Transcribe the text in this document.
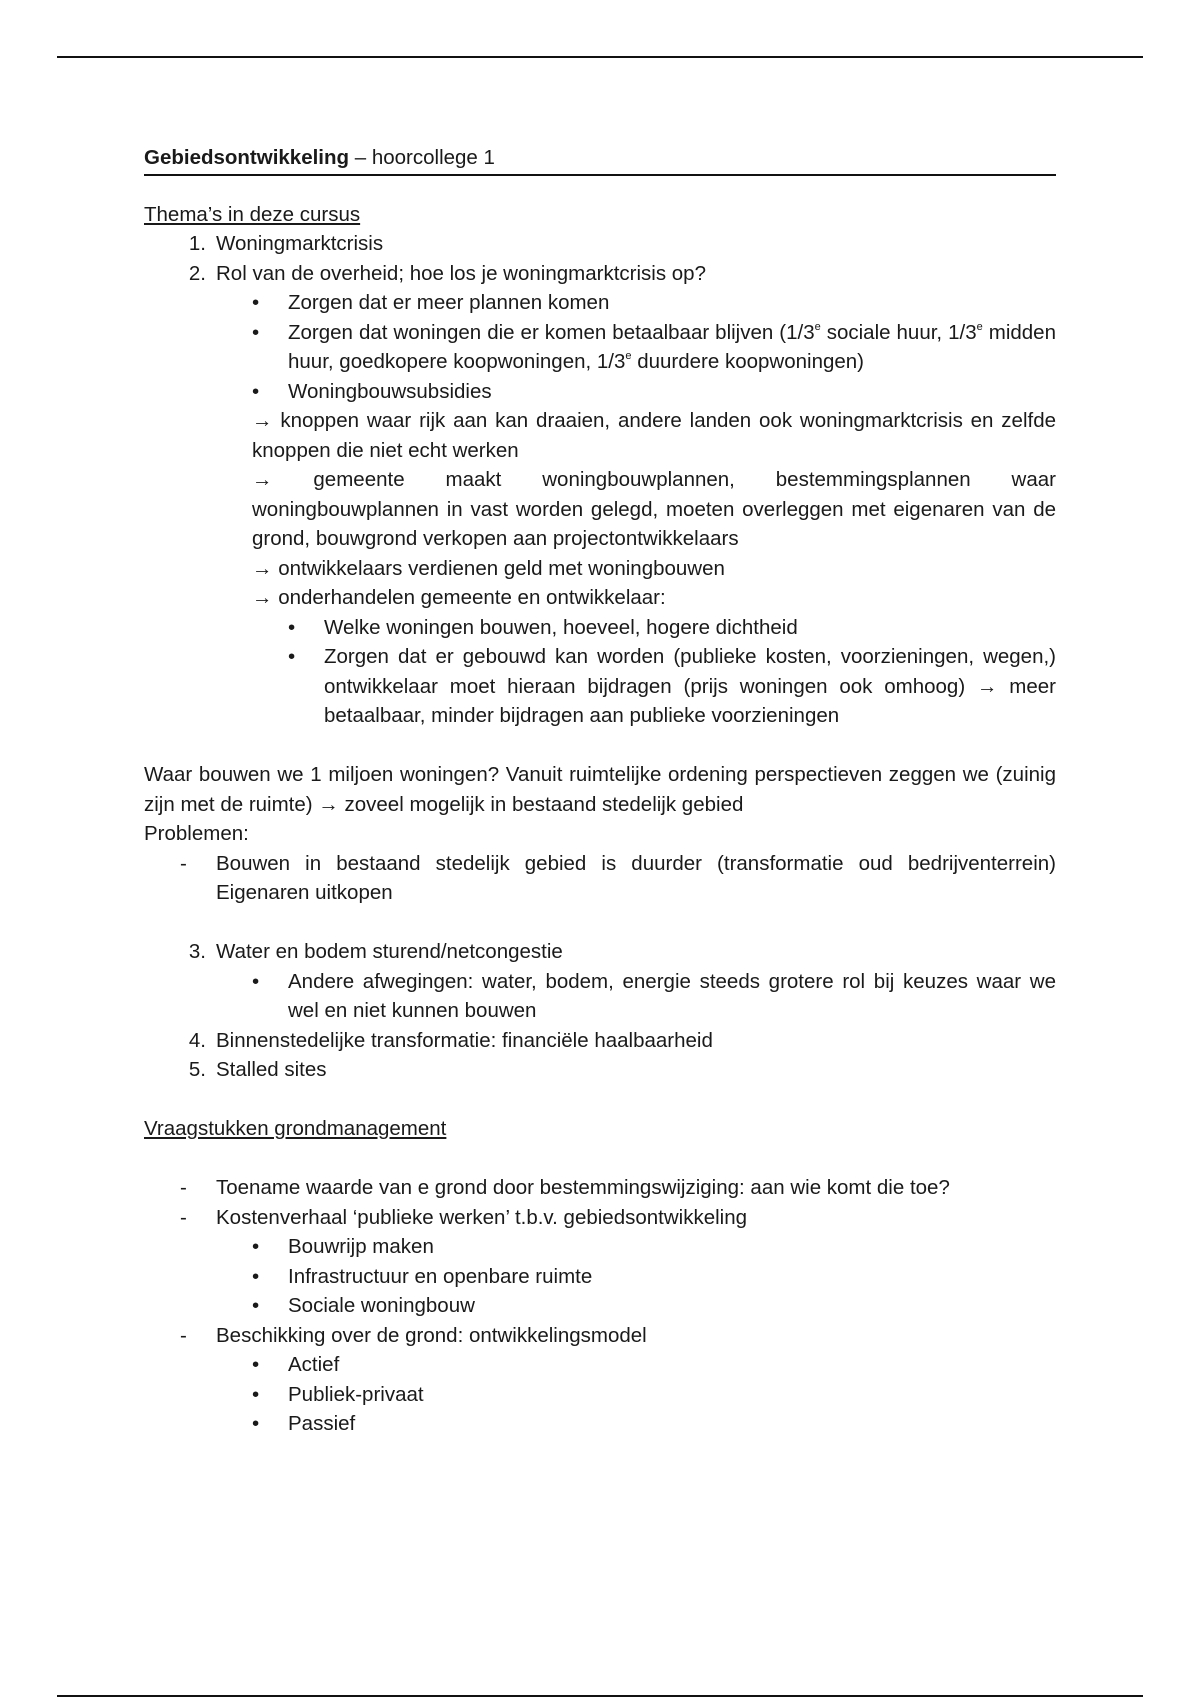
Gebiedsontwikkeling – hoorcollege 1
Thema’s in deze cursus
1. Woningmarktcrisis
2. Rol van de overheid; hoe los je woningmarktcrisis op?
• Zorgen dat er meer plannen komen
• Zorgen dat woningen die er komen betaalbaar blijven (1/3e sociale huur, 1/3e midden huur, goedkopere koopwoningen, 1/3e duurdere koopwoningen)
• Woningbouwsubsidies
→ knoppen waar rijk aan kan draaien, andere landen ook woningmarktcrisis en zelfde knoppen die niet echt werken
→ gemeente maakt woningbouwplannen, bestemmingsplannen waar woningbouwplannen in vast worden gelegd, moeten overleggen met eigenaren van de grond, bouwgrond verkopen aan projectontwikkelaars
→ ontwikkelaars verdienen geld met woningbouwen
→ onderhandelen gemeente en ontwikkelaar:
• Welke woningen bouwen, hoeveel, hogere dichtheid
• Zorgen dat er gebouwd kan worden (publieke kosten, voorzieningen, wegen,) ontwikkelaar moet hieraan bijdragen (prijs woningen ook omhoog) → meer betaalbaar, minder bijdragen aan publieke voorzieningen
Waar bouwen we 1 miljoen woningen? Vanuit ruimtelijke ordening perspectieven zeggen we (zuinig zijn met de ruimte) → zoveel mogelijk in bestaand stedelijk gebied
Problemen:
- Bouwen in bestaand stedelijk gebied is duurder (transformatie oud bedrijventerrein)
Eigenaren uitkopen
3. Water en bodem sturend/netcongestie
• Andere afwegingen: water, bodem, energie steeds grotere rol bij keuzes waar we wel en niet kunnen bouwen
4. Binnenstedelijke transformatie: financiële haalbaarheid
5. Stalled sites
Vraagstukken grondmanagement
- Toename waarde van e grond door bestemmingswijziging: aan wie komt die toe?
- Kostenverhaal ‘publieke werken’ t.b.v. gebiedsontwikkeling
• Bouwrijp maken
• Infrastructuur en openbare ruimte
• Sociale woningbouw
- Beschikking over de grond: ontwikkelingsmodel
• Actief
• Publiek-privaat
• Passief
